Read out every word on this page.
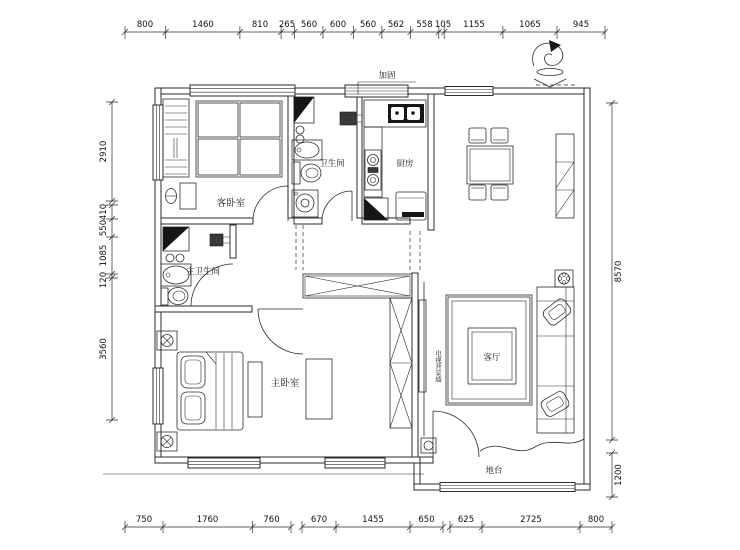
客卧室
卫生间	厨房
主卫生间
主卧室
客厅
电视背景墙
地台
加固
800	1460	810 265 560 600 560 562 558 105 1155	1065	945
750	1760	760	670	1455	650	625	2725	800
2910
410
550
1085
120
3560
8570
1200
